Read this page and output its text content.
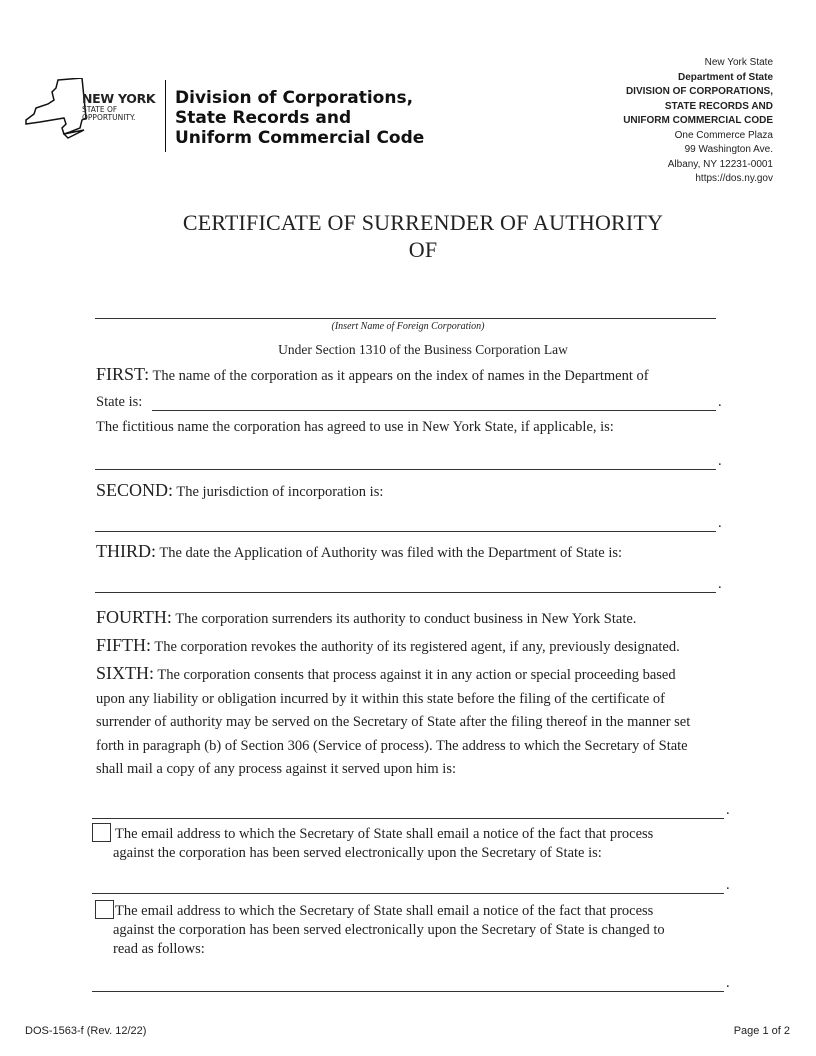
NEW YORK
STATE OF
OPPORTUNITY.
Division of Corporations,
State Records and
Uniform Commercial Code
New York State
Department of State
DIVISION OF CORPORATIONS,
STATE RECORDS AND
UNIFORM COMMERCIAL CODE
One Commerce Plaza
99 Washington Ave.
Albany, NY 12231-0001
https://dos.ny.gov
CERTIFICATE OF SURRENDER OF AUTHORITY
OF
(Insert Name of Foreign Corporation)
Under Section 1310 of the Business Corporation Law
FIRST: The name of the corporation as it appears on the index of names in the Department of
State is:	.
The fictitious name the corporation has agreed to use in New York State, if applicable, is:
.
SECOND: The jurisdiction of incorporation is:
.
THIRD: The date the Application of Authority was filed with the Department of State is:
.
FOURTH: The corporation surrenders its authority to conduct business in New York State.
FIFTH: The corporation revokes the authority of its registered agent, if any, previously designated.
SIXTH: The corporation consents that process against it in any action or special proceeding based
upon any liability or obligation incurred by it within this state before the filing of the certificate of
surrender of authority may be served on the Secretary of State after the filing thereof in the manner set
forth in paragraph (b) of Section 306 (Service of process). The address to which the Secretary of State
shall mail a copy of any process against it served upon him is:
.
The email address to which the Secretary of State shall email a notice of the fact that process
against the corporation has been served electronically upon the Secretary of State is:
.
The email address to which the Secretary of State shall email a notice of the fact that process
against the corporation has been served electronically upon the Secretary of State is changed to
read as follows:
.
DOS-1563-f (Rev. 12/22)	Page 1 of 2
